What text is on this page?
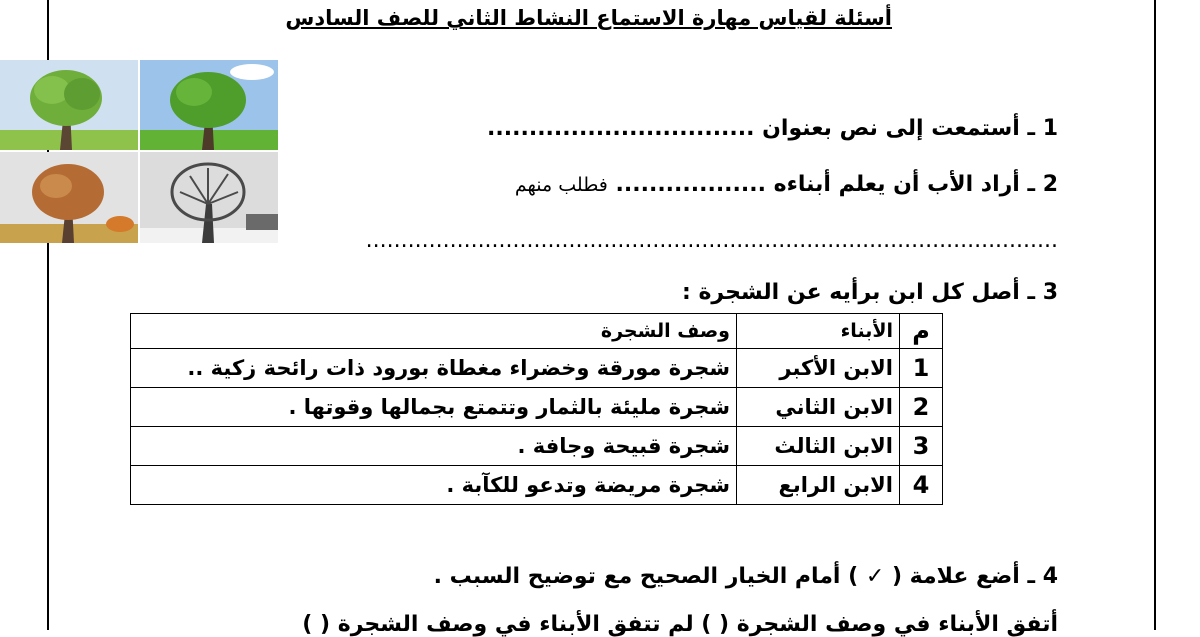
أسئلة لقياس مهارة الاستماع النشاط الثاني للصف السادس
1 ـ أستمعت إلى نص بعنوان ................................
2 ـ أراد الأب أن يعلم أبناءه .................. فطلب منهم
...................................................................................................
3 ـ أصل كل ابن برأيه عن الشجرة :
م	الأبناء	وصف الشجرة
1	الابن الأكبر	شجرة مورقة وخضراء مغطاة بورود ذات رائحة زكية ..
2	الابن الثاني	شجرة مليئة بالثمار وتتمتع بجمالها وقوتها .
3	الابن الثالث	شجرة قبيحة وجافة .
4	الابن الرابع	شجرة مريضة وتدعو للكآبة .
4 ـ أضع علامة ( ✓ ) أمام الخيار الصحيح مع توضيح السبب .
أتفق الأبناء في وصف الشجرة ( ) لم تتفق الأبناء في وصف الشجرة ( )
